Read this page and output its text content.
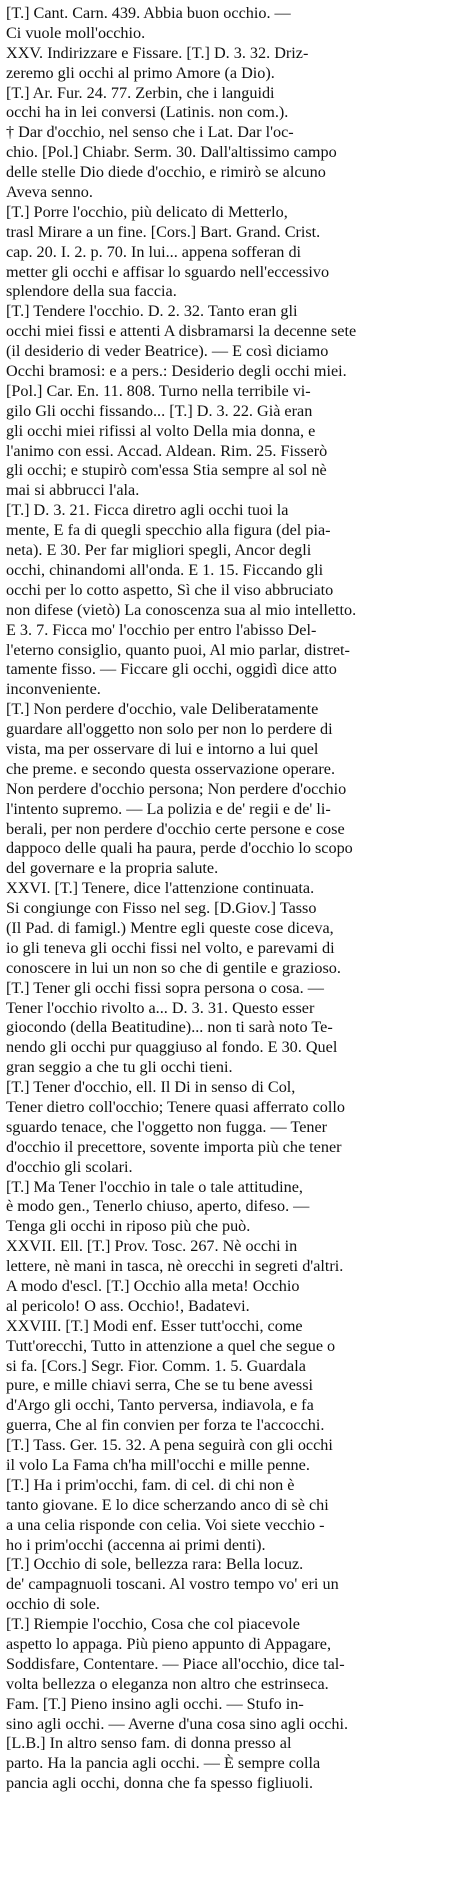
[T.] Cant. Carn. 439. Abbia buon occhio. —
Ci vuole moll'occhio.
XXV. Indirizzare e Fissare. [T.] D. 3. 32. Driz-
zeremo gli occhi al primo Amore (a Dio).
[T.] Ar. Fur. 24. 77. Zerbin, che i languidi
occhi ha in lei conversi (Latinis. non com.).
† Dar d'occhio, nel senso che i Lat. Dar l'oc-
chio. [Pol.] Chiabr. Serm. 30. Dall'altissimo campo
delle stelle Dio diede d'occhio, e rimirò se alcuno
Aveva senno.
[T.] Porre l'occhio, più delicato di Metterlo,
trasl Mirare a un fine. [Cors.] Bart. Grand. Crist.
cap. 20. I. 2. p. 70. In lui... appena sofferan di
metter gli occhi e affisar lo sguardo nell'eccessivo
splendore della sua faccia.
[T.] Tendere l'occhio. D. 2. 32. Tanto eran gli
occhi miei fissi e attenti A disbramarsi la decenne sete
(il desiderio di veder Beatrice). — E così diciamo
Occhi bramosi: e a pers.: Desiderio degli occhi miei.
[Pol.] Car. En. 11. 808. Turno nella terribile vi-
gilo Gli occhi fissando... [T.] D. 3. 22. Già eran
gli occhi miei rifissi al volto Della mia donna, e
l'animo con essi. Accad. Aldean. Rim. 25. Fisserò
gli occhi; e stupirò com'essa Stia sempre al sol nè
mai si abbrucci l'ala.
[T.] D. 3. 21. Ficca diretro agli occhi tuoi la
mente, E fa di quegli specchio alla figura (del pia-
neta). E 30. Per far migliori spegli, Ancor degli
occhi, chinandomi all'onda. E 1. 15. Ficcando gli
occhi per lo cotto aspetto, Sì che il viso abbruciato
non difese (vietò) La conoscenza sua al mio intelletto.
E 3. 7. Ficca mo' l'occhio per entro l'abisso Del-
l'eterno consiglio, quanto puoi, Al mio parlar, distret-
tamente fisso. — Ficcare gli occhi, oggidì dice atto
inconveniente.
[T.] Non perdere d'occhio, vale Deliberatamente
guardare all'oggetto non solo per non lo perdere di
vista, ma per osservare di lui e intorno a lui quel
che preme. e secondo questa osservazione operare.
Non perdere d'occhio persona; Non perdere d'occhio
l'intento supremo. — La polizia e de' regii e de' li-
berali, per non perdere d'occhio certe persone e cose
dappoco delle quali ha paura, perde d'occhio lo scopo
del governare e la propria salute.
XXVI. [T.] Tenere, dice l'attenzione continuata.
Si congiunge con Fisso nel seg. [D.Giov.] Tasso
(Il Pad. di famigl.) Mentre egli queste cose diceva,
io gli teneva gli occhi fissi nel volto, e parevami di
conoscere in lui un non so che di gentile e grazioso.
[T.] Tener gli occhi fissi sopra persona o cosa. —
Tener l'occhio rivolto a... D. 3. 31. Questo esser
giocondo (della Beatitudine)... non ti sarà noto Te-
nendo gli occhi pur quaggiuso al fondo. E 30. Quel
gran seggio a che tu gli occhi tieni.
[T.] Tener d'occhio, ell. Il Di in senso di Col,
Tener dietro coll'occhio; Tenere quasi afferrato collo
sguardo tenace, che l'oggetto non fugga. — Tener
d'occhio il precettore, sovente importa più che tener
d'occhio gli scolari.
[T.] Ma Tener l'occhio in tale o tale attitudine,
è modo gen., Tenerlo chiuso, aperto, difeso. —
Tenga gli occhi in riposo più che può.
XXVII. Ell. [T.] Prov. Tosc. 267. Nè occhi in
lettere, nè mani in tasca, nè orecchi in segreti d'altri.
A modo d'escl. [T.] Occhio alla meta! Occhio
al pericolo! O ass. Occhio!, Badatevi.
XXVIII. [T.] Modi enf. Esser tutt'occhi, come
Tutt'orecchi, Tutto in attenzione a quel che segue o
si fa. [Cors.] Segr. Fior. Comm. 1. 5. Guardala
pure, e mille chiavi serra, Che se tu bene avessi
d'Argo gli occhi, Tanto perversa, indiavola, e fa
guerra, Che al fin convien per forza te l'accocchi.
[T.] Tass. Ger. 15. 32. A pena seguirà con gli occhi
il volo La Fama ch'ha mill'occhi e mille penne.
[T.] Ha i prim'occhi, fam. di cel. di chi non è
tanto giovane. E lo dice scherzando anco di sè chi
a una celia risponde con celia. Voi siete vecchio -
ho i prim'occhi (accenna ai primi denti).
[T.] Occhio di sole, bellezza rara: Bella locuz.
de' campagnuoli toscani. Al vostro tempo vo' eri un
occhio di sole.
[T.] Riempie l'occhio, Cosa che col piacevole
aspetto lo appaga. Più pieno appunto di Appagare,
Soddisfare, Contentare. — Piace all'occhio, dice tal-
volta bellezza o eleganza non altro che estrinseca.
Fam. [T.] Pieno insino agli occhi. — Stufo in-
sino agli occhi. — Averne d'una cosa sino agli occhi.
[L.B.] In altro senso fam. di donna presso al
parto. Ha la pancia agli occhi. — È sempre colla
pancia agli occhi, donna che fa spesso figliuoli.
